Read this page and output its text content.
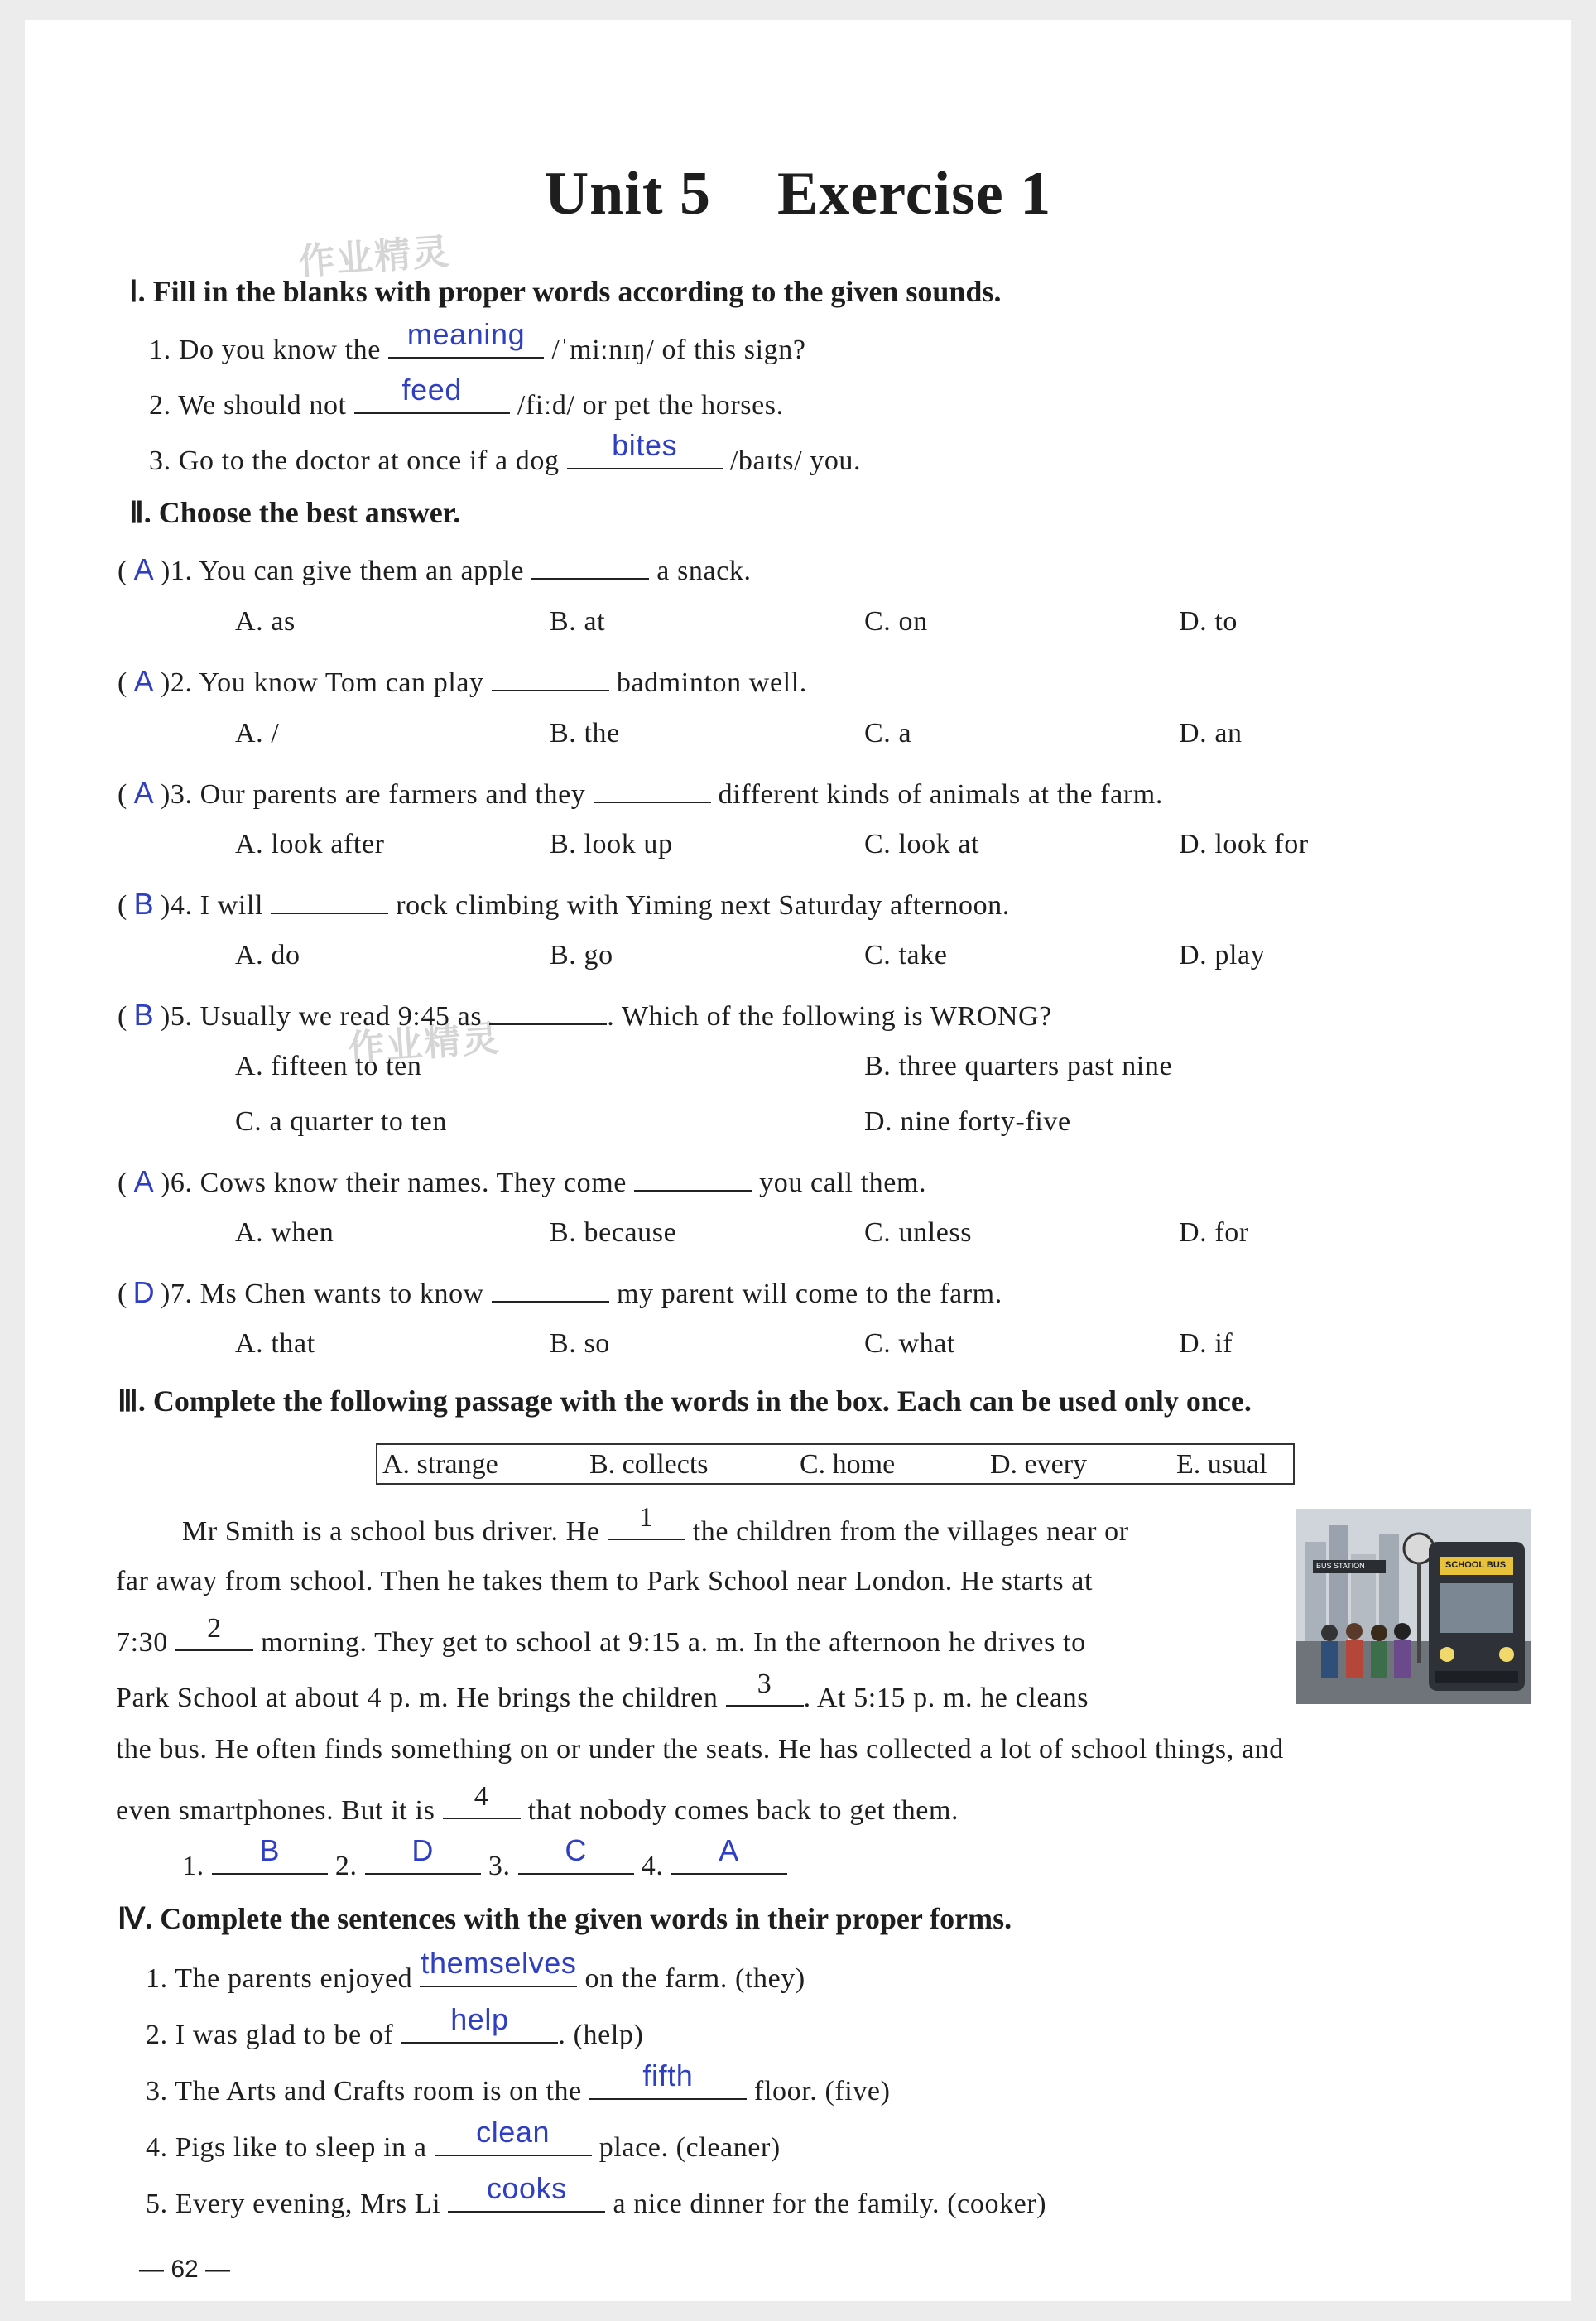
作业精灵
作业精灵
Unit 5 Exercise 1
Ⅰ. Fill in the blanks with proper words according to the given sounds.
1. Do you know the meaning /ˈmiːnɪŋ/ of this sign?
2. We should not	feed	/fiːd/ or pet the horses.
3. Go to the doctor at once if a dog	bites	/baɪts/ you.
Ⅱ. Choose the best answer.
( A )1. You can give them an apple	a snack.
A. as	B. at	C. on	D. to
( A )2. You know Tom can play	badminton well.
A. /	B. the	C. a	D. an
( A )3. Our parents are farmers and they	different kinds of animals at the farm.
A. look after	B. look up	C. look at	D. look for
( B )4. I will	rock climbing with Yiming next Saturday afternoon.
A. do	B. go	C. take	D. play
( B )5. Usually we read 9:45 as	. Which of the following is WRONG?
A. fifteen to ten	B. three quarters past nine
C. a quarter to ten	D. nine forty-five
( A )6. Cows know their names. They come	you call them.
A. when	B. because	C. unless	D. for
( D )7. Ms Chen wants to know	my parent will come to the farm.
A. that	B. so	C. what	D. if
Ⅲ. Complete the following passage with the words in the box. Each can be used only once.
A. strange	B. collects	C. home	D. every	E. usual
Mr Smith is a school bus driver. He	1	the children from the villages near or
far away from school. Then he takes them to Park School near London. He starts at
7:30	2	morning. They get to school at 9:15 a. m. In the afternoon he drives to
Park School at about 4 p. m. He brings the children	3	. At 5:15 p. m. he cleans
BUS STATION	SCHOOL BUS
the bus. He often finds something on or under the seats. He has collected a lot of school things, and
even smartphones. But it is	4	that nobody comes back to get them.
1.	B	2.	D	3.	C	4.	A
Ⅳ. Complete the sentences with the given words in their proper forms.
1. The parents enjoyed themselves on the farm. (they)
2. I was glad to be of	help	. (help)
3. The Arts and Crafts room is on the	fifth	floor. (five)
4. Pigs like to sleep in a	clean	place. (cleaner)
5. Every evening, Mrs Li	cooks	a nice dinner for the family. (cooker)
— 62 —
